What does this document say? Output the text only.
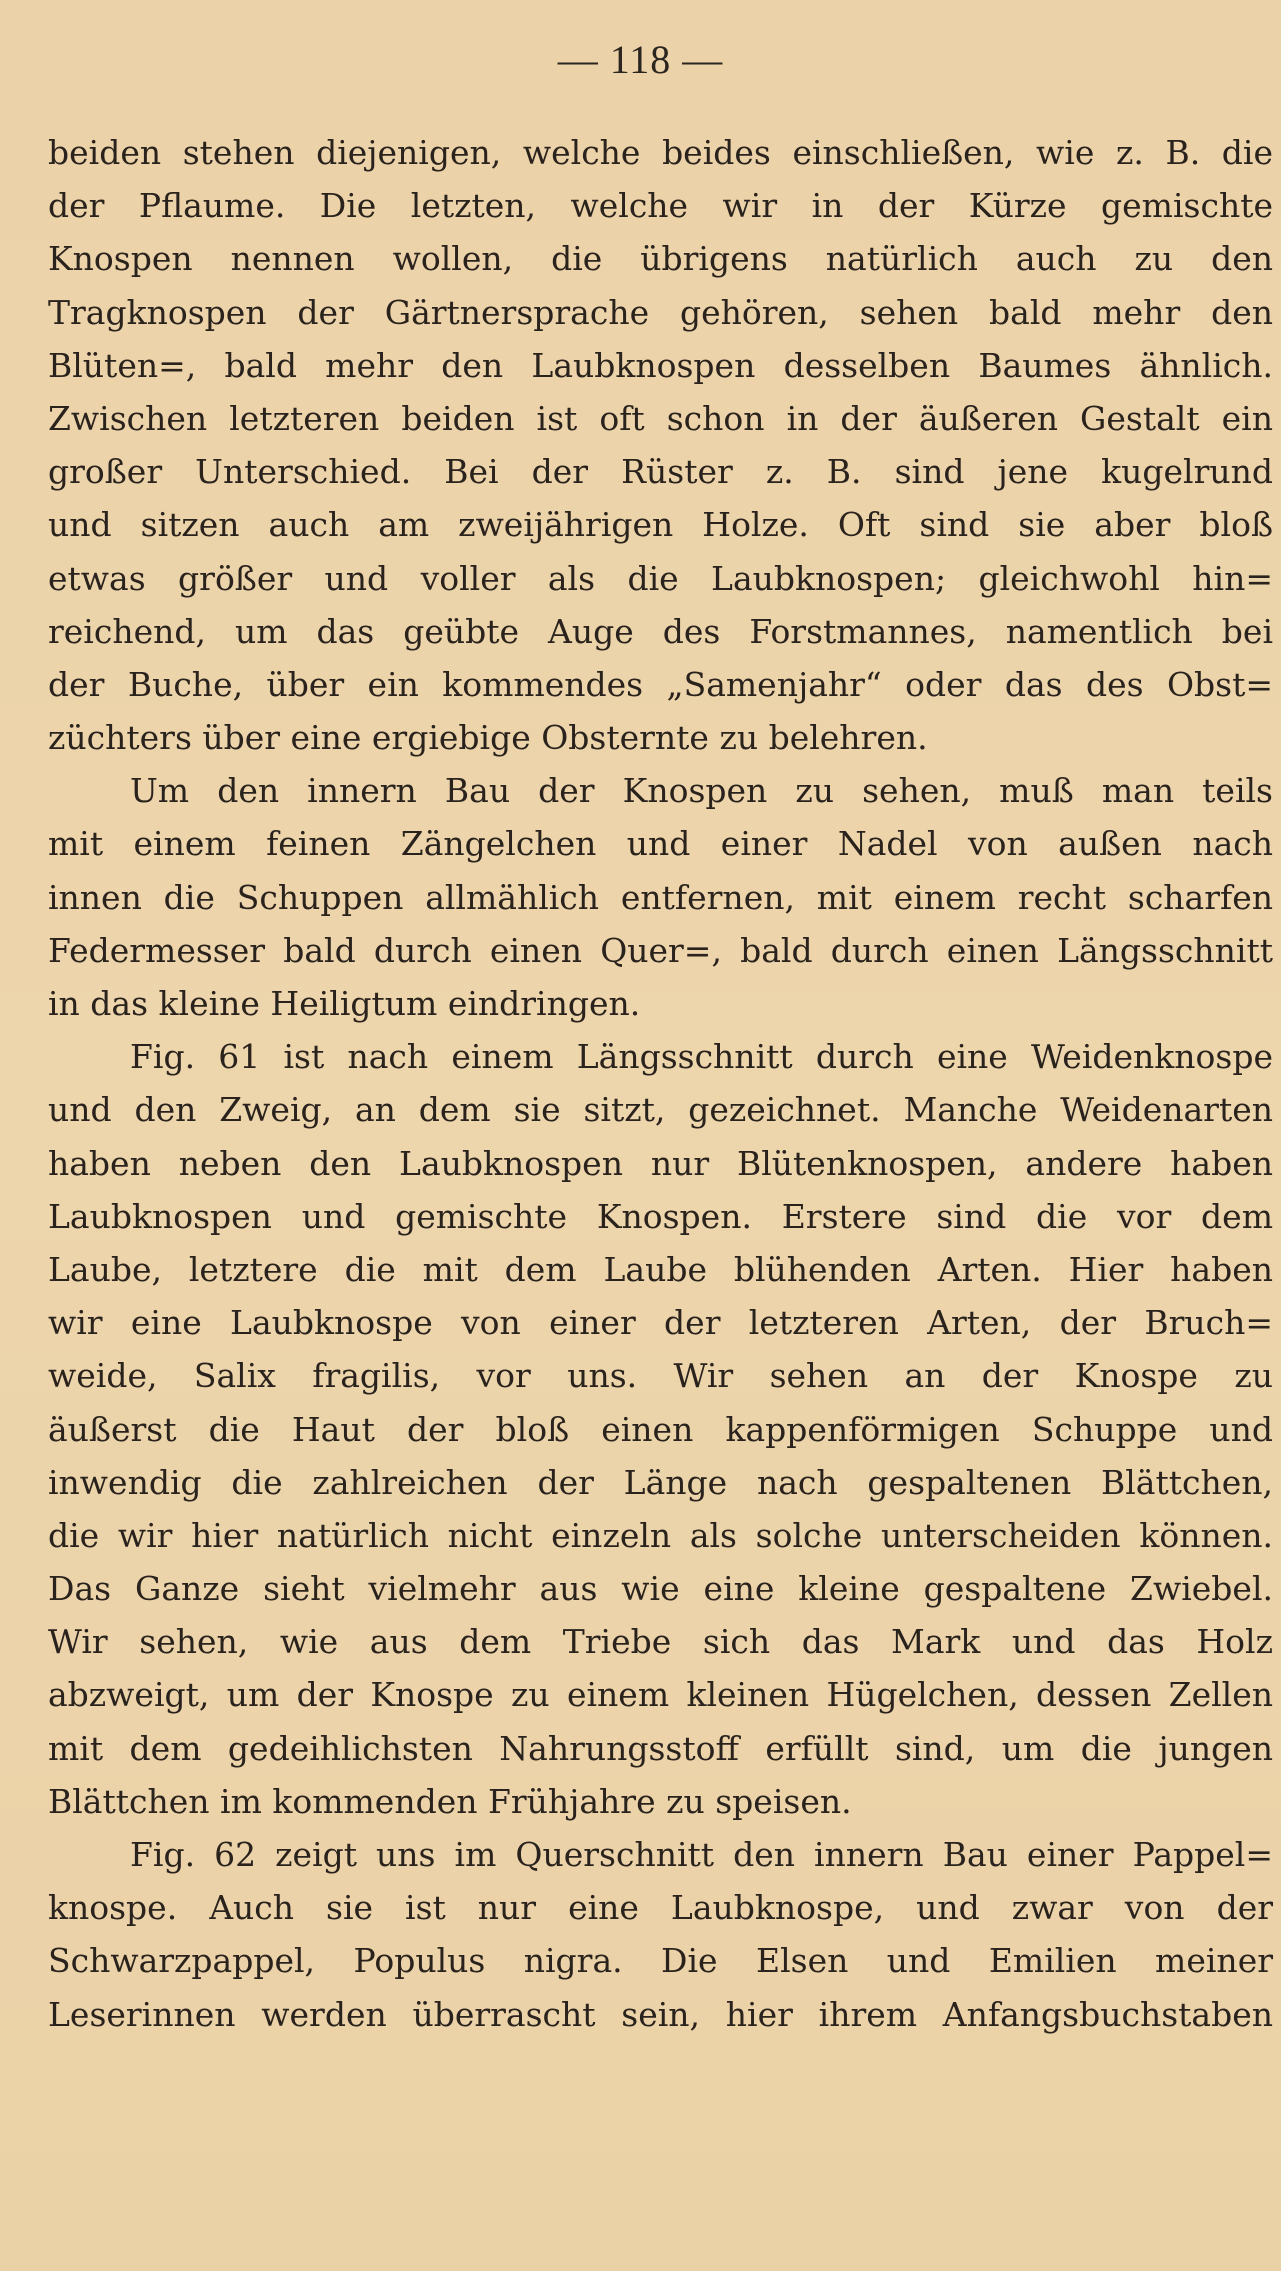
— 118 —
beiden stehen diejenigen, welche beides einschließen, wie z. B. die
der Pflaume. Die letzten, welche wir in der Kürze gemischte
Knospen nennen wollen, die übrigens natürlich auch zu den
Tragknospen der Gärtnersprache gehören, sehen bald mehr den
Blüten=, bald mehr den Laubknospen desselben Baumes ähnlich.
Zwischen letzteren beiden ist oft schon in der äußeren Gestalt ein
großer Unterschied. Bei der Rüster z. B. sind jene kugelrund
und sitzen auch am zweijährigen Holze. Oft sind sie aber bloß
etwas größer und voller als die Laubknospen; gleichwohl hin=
reichend, um das geübte Auge des Forstmannes, namentlich bei
der Buche, über ein kommendes „Samenjahr“ oder das des Obst=
züchters über eine ergiebige Obsternte zu belehren.
Um den innern Bau der Knospen zu sehen, muß man teils
mit einem feinen Zängelchen und einer Nadel von außen nach
innen die Schuppen allmählich entfernen, mit einem recht scharfen
Federmesser bald durch einen Quer=, bald durch einen Längsschnitt
in das kleine Heiligtum eindringen.
Fig. 61 ist nach einem Längsschnitt durch eine Weidenknospe
und den Zweig, an dem sie sitzt, gezeichnet. Manche Weidenarten
haben neben den Laubknospen nur Blütenknospen, andere haben
Laubknospen und gemischte Knospen. Erstere sind die vor dem
Laube, letztere die mit dem Laube blühenden Arten. Hier haben
wir eine Laubknospe von einer der letzteren Arten, der Bruch=
weide, Salix fragilis, vor uns. Wir sehen an der Knospe zu
äußerst die Haut der bloß einen kappenförmigen Schuppe und
inwendig die zahlreichen der Länge nach gespaltenen Blättchen,
die wir hier natürlich nicht einzeln als solche unterscheiden können.
Das Ganze sieht vielmehr aus wie eine kleine gespaltene Zwiebel.
Wir sehen, wie aus dem Triebe sich das Mark und das Holz
abzweigt, um der Knospe zu einem kleinen Hügelchen, dessen Zellen
mit dem gedeihlichsten Nahrungsstoff erfüllt sind, um die jungen
Blättchen im kommenden Frühjahre zu speisen.
Fig. 62 zeigt uns im Querschnitt den innern Bau einer Pappel=
knospe. Auch sie ist nur eine Laubknospe, und zwar von der
Schwarzpappel, Populus nigra. Die Elsen und Emilien meiner
Leserinnen werden überrascht sein, hier ihrem Anfangsbuchstaben
